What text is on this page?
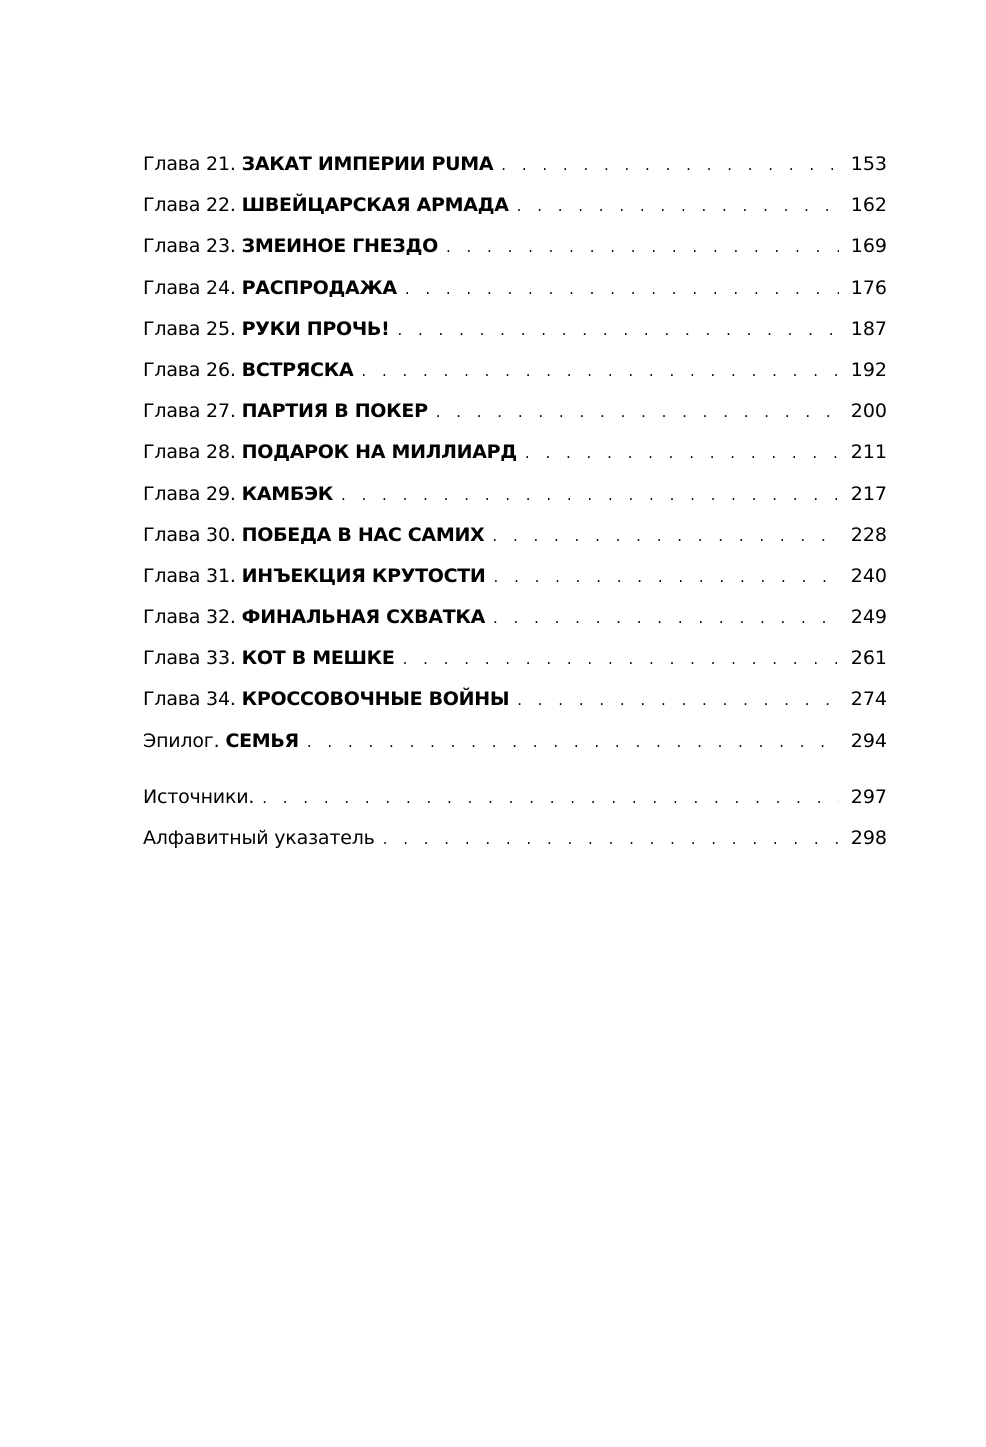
Глава 21. ЗАКАТ ИМПЕРИИ PUMA . . .	153
Глава 22. ШВЕЙЦАРСКАЯ АРМАДА . . .	162
Глава 23. ЗМЕИНОЕ ГНЕЗДО . . .	169
Глава 24. РАСПРОДАЖА . . .	176
Глава 25. РУКИ ПРОЧЬ! . . .	187
Глава 26. ВСТРЯСКА . . .	192
Глава 27. ПАРТИЯ В ПОКЕР . . .	200
Глава 28. ПОДАРОК НА МИЛЛИАРД . . .	211
Глава 29. КАМБЭК . . .	217
Глава 30. ПОБЕДА В НАС САМИХ . . .	228
Глава 31. ИНЪЕКЦИЯ КРУТОСТИ . . .	240
Глава 32. ФИНАЛЬНАЯ СХВАТКА . . .	249
Глава 33. КОТ В МЕШКЕ . . .	261
Глава 34. КРОССОВОЧНЫЕ ВОЙНЫ . . .	274
Эпилог. СЕМЬЯ . . .	294
Источники. . . .	297
Алфавитный указатель . . .	298
